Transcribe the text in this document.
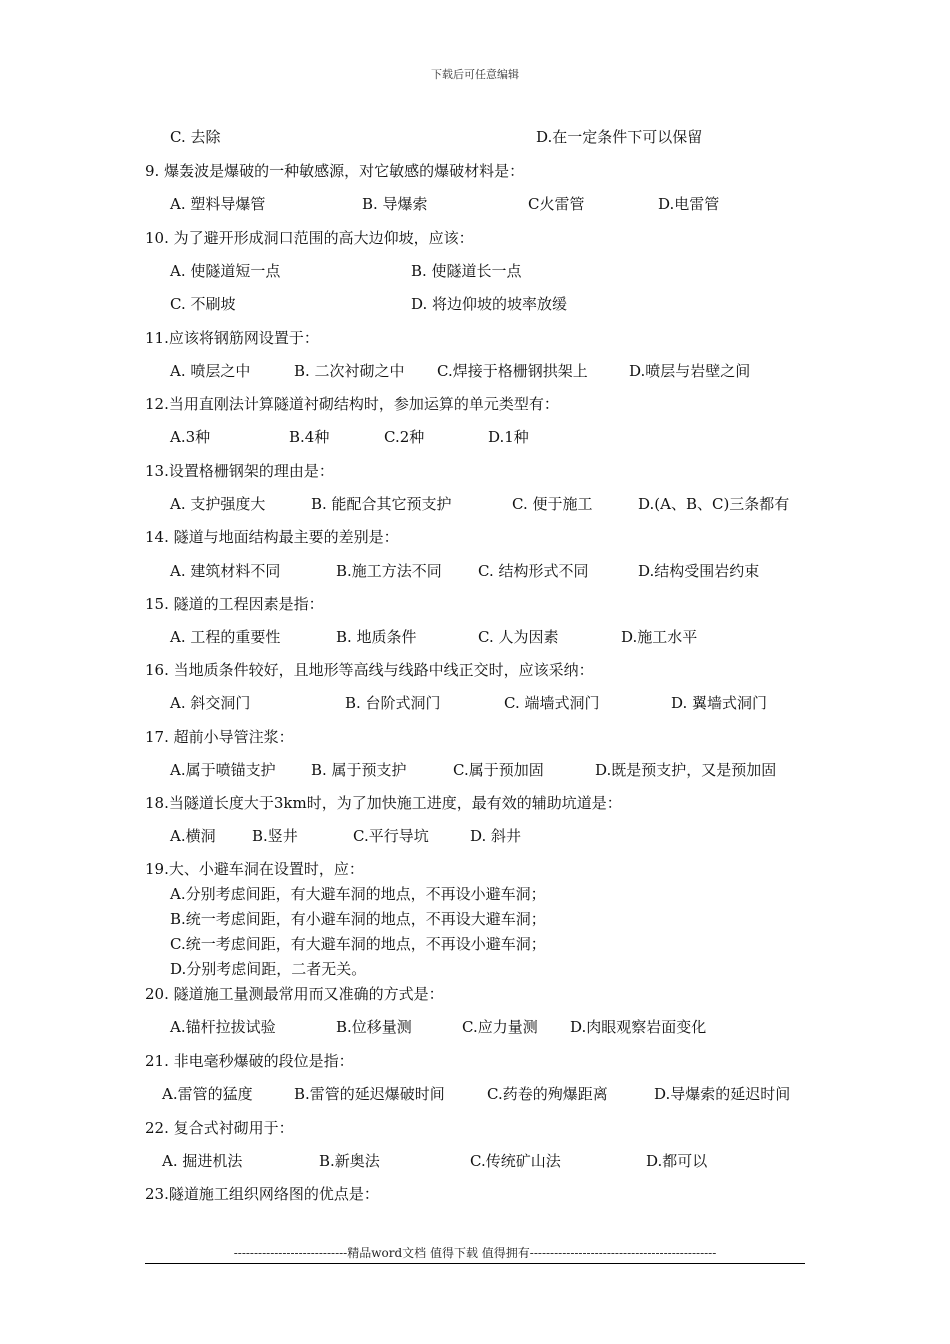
下载后可任意编辑
C. 去除	D.在一定条件下可以保留
9. 爆轰波是爆破的一种敏感源，对它敏感的爆破材料是：
A. 塑料导爆管	B. 导爆索	C火雷管	D.电雷管
10. 为了避开形成洞口范围的高大边仰坡，应该：
A. 使隧道短一点	B. 使隧道长一点
C. 不刷坡	D. 将边仰坡的坡率放缓
11.应该将钢筋网设置于：
A. 喷层之中	B. 二次衬砌之中 C.焊接于格栅钢拱架上	D.喷层与岩壁之间
12.当用直刚法计算隧道衬砌结构时，参加运算的单元类型有：
A.3种	B.4种	C.2种	D.1种
13.设置格栅钢架的理由是：
A. 支护强度大	B. 能配合其它预支护	C. 便于施工	D.(A、B、C)三条都有
14. 隧道与地面结构最主要的差别是：
A. 建筑材料不同	B.施工方法不同 C. 结构形式不同	D.结构受围岩约束
15. 隧道的工程因素是指：
A. 工程的重要性	B. 地质条件	C. 人为因素	D.施工水平
16. 当地质条件较好，且地形等高线与线路中线正交时，应该采纳：
A. 斜交洞门	B. 台阶式洞门	C. 端墙式洞门	D. 翼墙式洞门
17. 超前小导管注浆：
A.属于喷锚支护 B. 属于预支护	C.属于预加固	D.既是预支护，又是预加固
18.当隧道长度大于3km时，为了加快施工进度，最有效的辅助坑道是：
A.横洞 B.竖井	C.平行导坑	D. 斜井
19.大、小避车洞在设置时，应：
A.分别考虑间距，有大避车洞的地点，不再设小避车洞；
B.统一考虑间距，有小避车洞的地点，不再设大避车洞；
C.统一考虑间距，有大避车洞的地点，不再设小避车洞；
D.分别考虑间距，二者无关。
20. 隧道施工量测最常用而又准确的方式是：
A.锚杆拉拔试验	B.位移量测	C.应力量测 D.肉眼观察岩面变化
21. 非电毫秒爆破的段位是指：
A.雷管的猛度	B.雷管的延迟爆破时间	C.药卷的殉爆距离	D.导爆索的延迟时间
22. 复合式衬砌用于：
A. 掘进机法	B.新奥法	C.传统矿山法	D.都可以
23.隧道施工组织网络图的优点是：
----------------------------精品word文档 值得下载 值得拥有----------------------------------------------
